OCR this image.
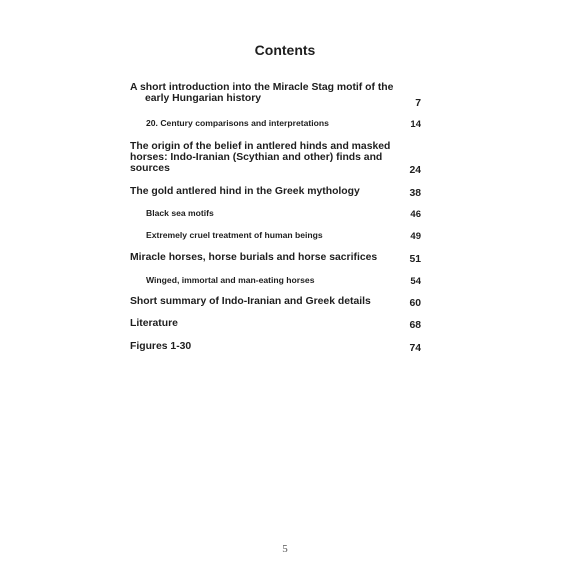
Contents
A short introduction into the Miracle Stag motif of the early Hungarian history	7
20. Century comparisons and interpretations	14
The origin of the belief in antlered hinds and masked horses: Indo-Iranian (Scythian and other) finds and sources	24
The gold antlered hind in the Greek mythology	38
Black sea motifs	46
Extremely cruel treatment of human beings	49
Miracle horses, horse burials and horse sacrifices	51
Winged, immortal and man-eating horses	54
Short summary of Indo-Iranian and Greek details	60
Literature	68
Figures 1-30	74
5
